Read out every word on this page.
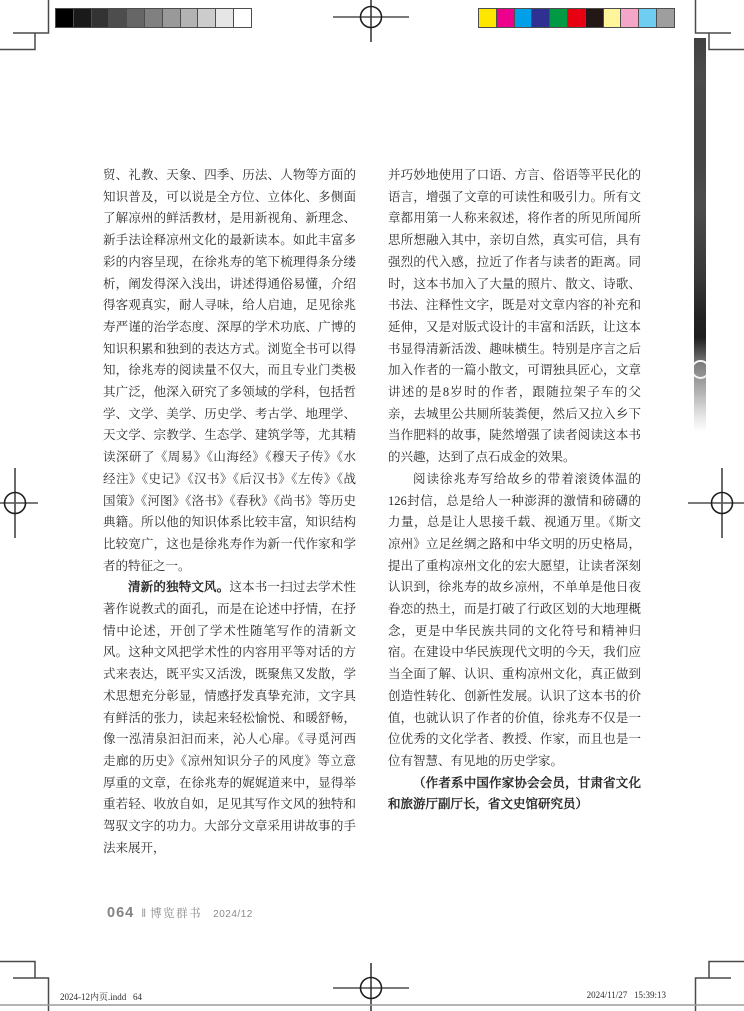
贸、礼教、天象、四季、历法、人物等方面的知识普及，可以说是全方位、立体化、多侧面了解凉州的鲜活教材，是用新视角、新理念、新手法诠释凉州文化的最新读本。如此丰富多彩的内容呈现，在徐兆寿的笔下梳理得条分缕析，阐发得深入浅出，讲述得通俗易懂，介绍得客观真实，耐人寻味，给人启迪，足见徐兆寿严谨的治学态度、深厚的学术功底、广博的知识积累和独到的表达方式。浏览全书可以得知，徐兆寿的阅读量不仅大，而且专业门类极其广泛，他深入研究了多领域的学科，包括哲学、文学、美学、历史学、考古学、地理学、天文学、宗教学、生态学、建筑学等，尤其精读深研了《周易》《山海经》《穆天子传》《水经注》《史记》《汉书》《后汉书》《左传》《战国策》《河图》《洛书》《春秋》《尚书》等历史典籍。所以他的知识体系比较丰富，知识结构比较宽广，这也是徐兆寿作为新一代作家和学者的特征之一。

清新的独特文风。这本书一扫过去学术性著作说教式的面孔，而是在论述中抒情，在抒情中论述，开创了学术性随笔写作的清新文风。这种文风把学术性的内容用平等对话的方式来表达，既平实又活泼，既聚焦又发散，学术思想充分彰显，情感抒发真挚充沛，文字具有鲜活的张力，读起来轻松愉悦、和暖舒畅，像一泓清泉汩汩而来，沁人心扉。《寻觅河西走廊的历史》《凉州知识分子的风度》等立意厚重的文章，在徐兆寿的娓娓道来中，显得举重若轻、收放自如，足见其写作文风的独特和驾驭文字的功力。大部分文章采用讲故事的手法来展开，

并巧妙地使用了口语、方言、俗语等平民化的语言，增强了文章的可读性和吸引力。所有文章都用第一人称来叙述，将作者的所见所闻所思所想融入其中，亲切自然，真实可信，具有强烈的代入感，拉近了作者与读者的距离。同时，这本书加入了大量的照片、散文、诗歌、书法、注释性文字，既是对文章内容的补充和延伸，又是对版式设计的丰富和活跃，让这本书显得清新活泼、趣味横生。特别是序言之后加入作者的一篇小散文，可谓独具匠心，文章讲述的是8岁时的作者，跟随拉架子车的父亲，去城里公共厕所装粪便，然后又拉入乡下当作肥料的故事，陡然增强了读者阅读这本书的兴趣，达到了点石成金的效果。

阅读徐兆寿写给故乡的带着滚烫体温的126封信，总是给人一种澎湃的激情和磅礴的力量，总是让人思接千载、视通万里。《斯文凉州》立足丝绸之路和中华文明的历史格局，提出了重构凉州文化的宏大愿望，让读者深刻认识到，徐兆寿的故乡凉州，不单单是他日夜眷恋的热土，而是打破了行政区划的大地理概念，更是中华民族共同的文化符号和精神归宿。在建设中华民族现代文明的今天，我们应当全面了解、认识、重构凉州文化，真正做到创造性转化、创新性发展。认识了这本书的价值，也就认识了作者的价值，徐兆寿不仅是一位优秀的文化学者、教授、作家，而且也是一位有智慧、有见地的历史学家。

（作者系中国作家协会会员，甘肃省文化和旅游厅副厅长，省文史馆研究员）

064 ‖ 博览群书 2024/12
2024-12内页.indd   64	2024/11/27   15:39:13
